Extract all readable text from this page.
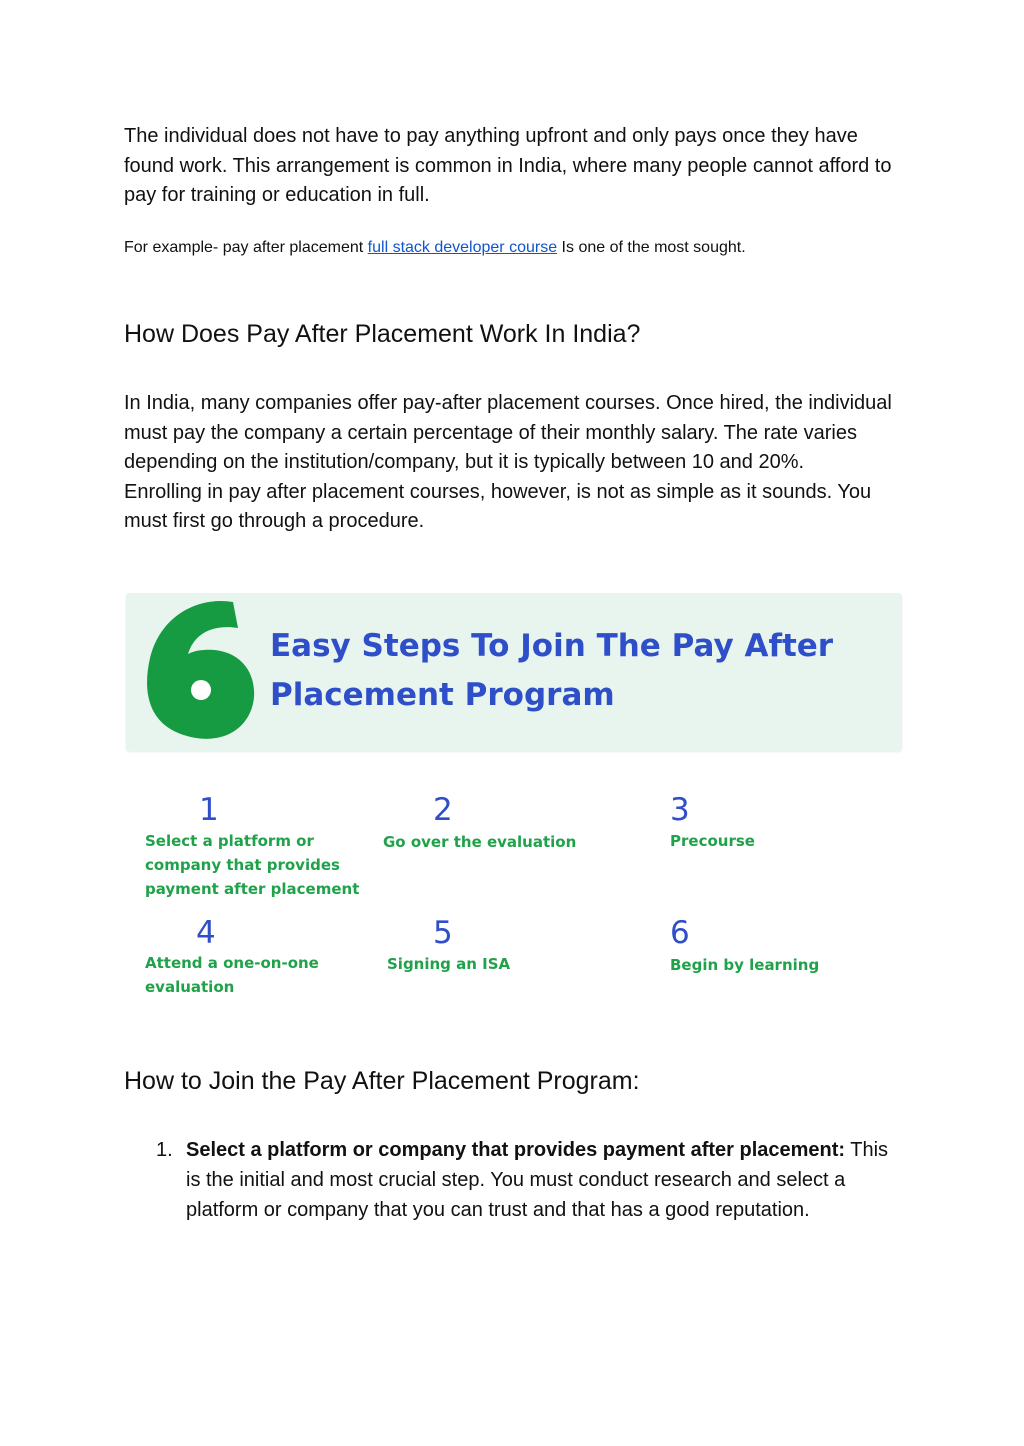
The individual does not have to pay anything upfront and only pays once they have found work. This arrangement is common in India, where many people cannot afford to pay for training or education in full.

For example- pay after placement full stack developer course Is one of the most sought.

How Does Pay After Placement Work In India?

In India, many companies offer pay-after placement courses. Once hired, the individual must pay the company a certain percentage of their monthly salary. The rate varies depending on the institution/company, but it is typically between 10 and 20%.

Enrolling in pay after placement courses, however, is not as simple as it sounds. You must first go through a procedure.

Easy Steps To Join The Pay After
Placement Program
1
Select a platform or company that provides payment after placement
2
Go over the evaluation
3
Precourse
4
Attend a one-on-one evaluation
5
Signing an ISA
6
Begin by learning
How to Join the Pay After Placement Program:
1. Select a platform or company that provides payment after placement: This is the initial and most crucial step. You must conduct research and select a platform or company that you can trust and that has a good reputation.
